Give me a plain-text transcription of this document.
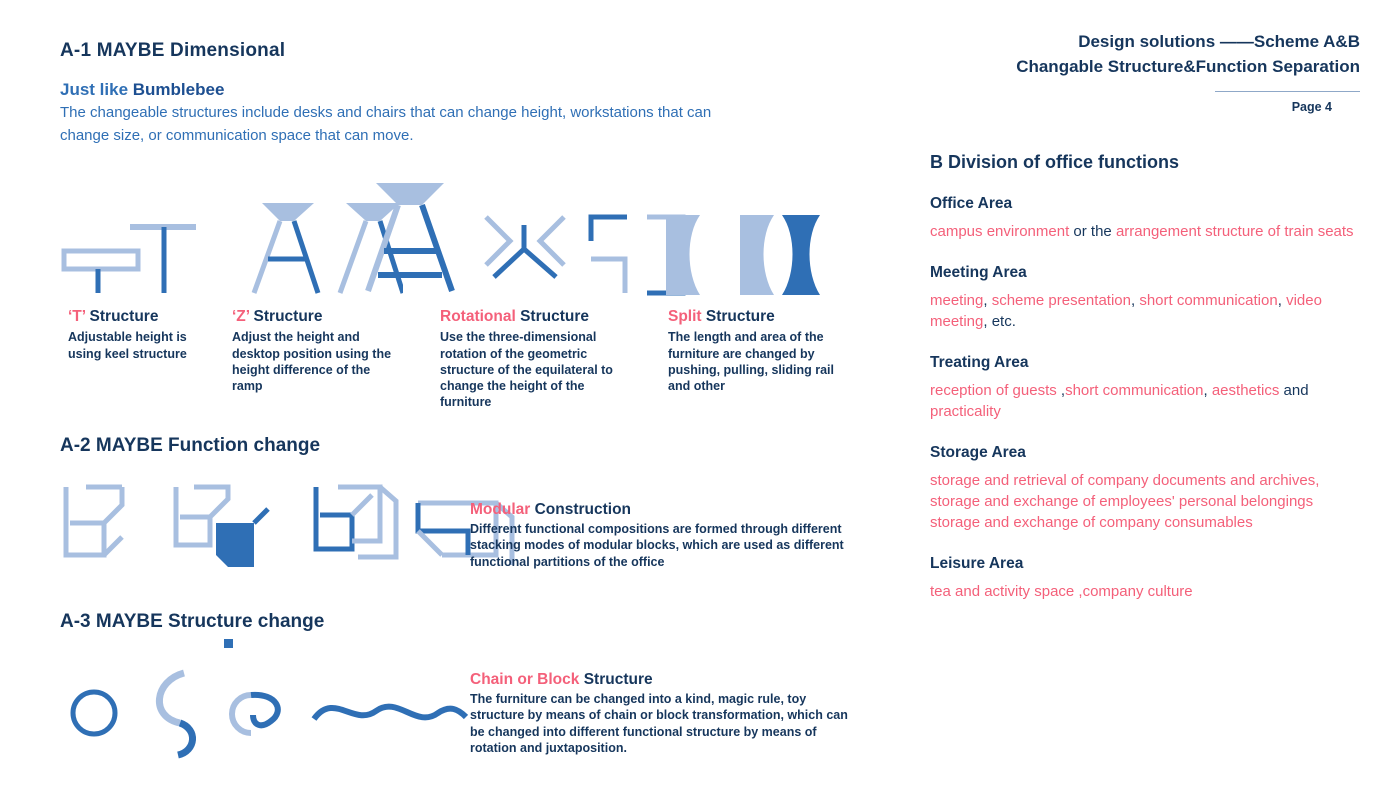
A-1 MAYBE Dimensional
Just like Bumblebee
The changeable structures include desks and chairs that can change height, workstations that can change size, or communication space that can move.
‘T’ Structure
Adjustable height is using keel structure
‘Z’ Structure
Adjust the height and desktop position using the height difference of the ramp
Rotational Structure
Use the three-dimensional rotation of the geometric structure of the equilateral to change the height of the furniture
Split Structure
The length and area of the furniture are changed by pushing, pulling, sliding rail and other
A-2 MAYBE Function change
Modular Construction
Different functional compositions are formed through different stacking modes of modular blocks, which are used as different functional partitions of the office
A-3 MAYBE Structure change
Chain or Block Structure
The furniture can be changed into a kind, magic rule, toy structure by means of chain or block transformation, which can be changed into different functional structure by means of rotation and juxtaposition.
Design solutions ——Scheme A&B
Changable Structure&Function Separation
Page 4
B Division of office functions
Office Area
campus environment or the arrangement structure of train seats
Meeting Area
meeting, scheme presentation, short communication, video meeting, etc.
Treating Area
reception of guests ,short communication, aesthetics and practicality
Storage Area
storage and retrieval of company documents and archives, storage and exchange of employees' personal belongings storage and exchange of company consumables
Leisure Area
tea and activity space ,company culture
